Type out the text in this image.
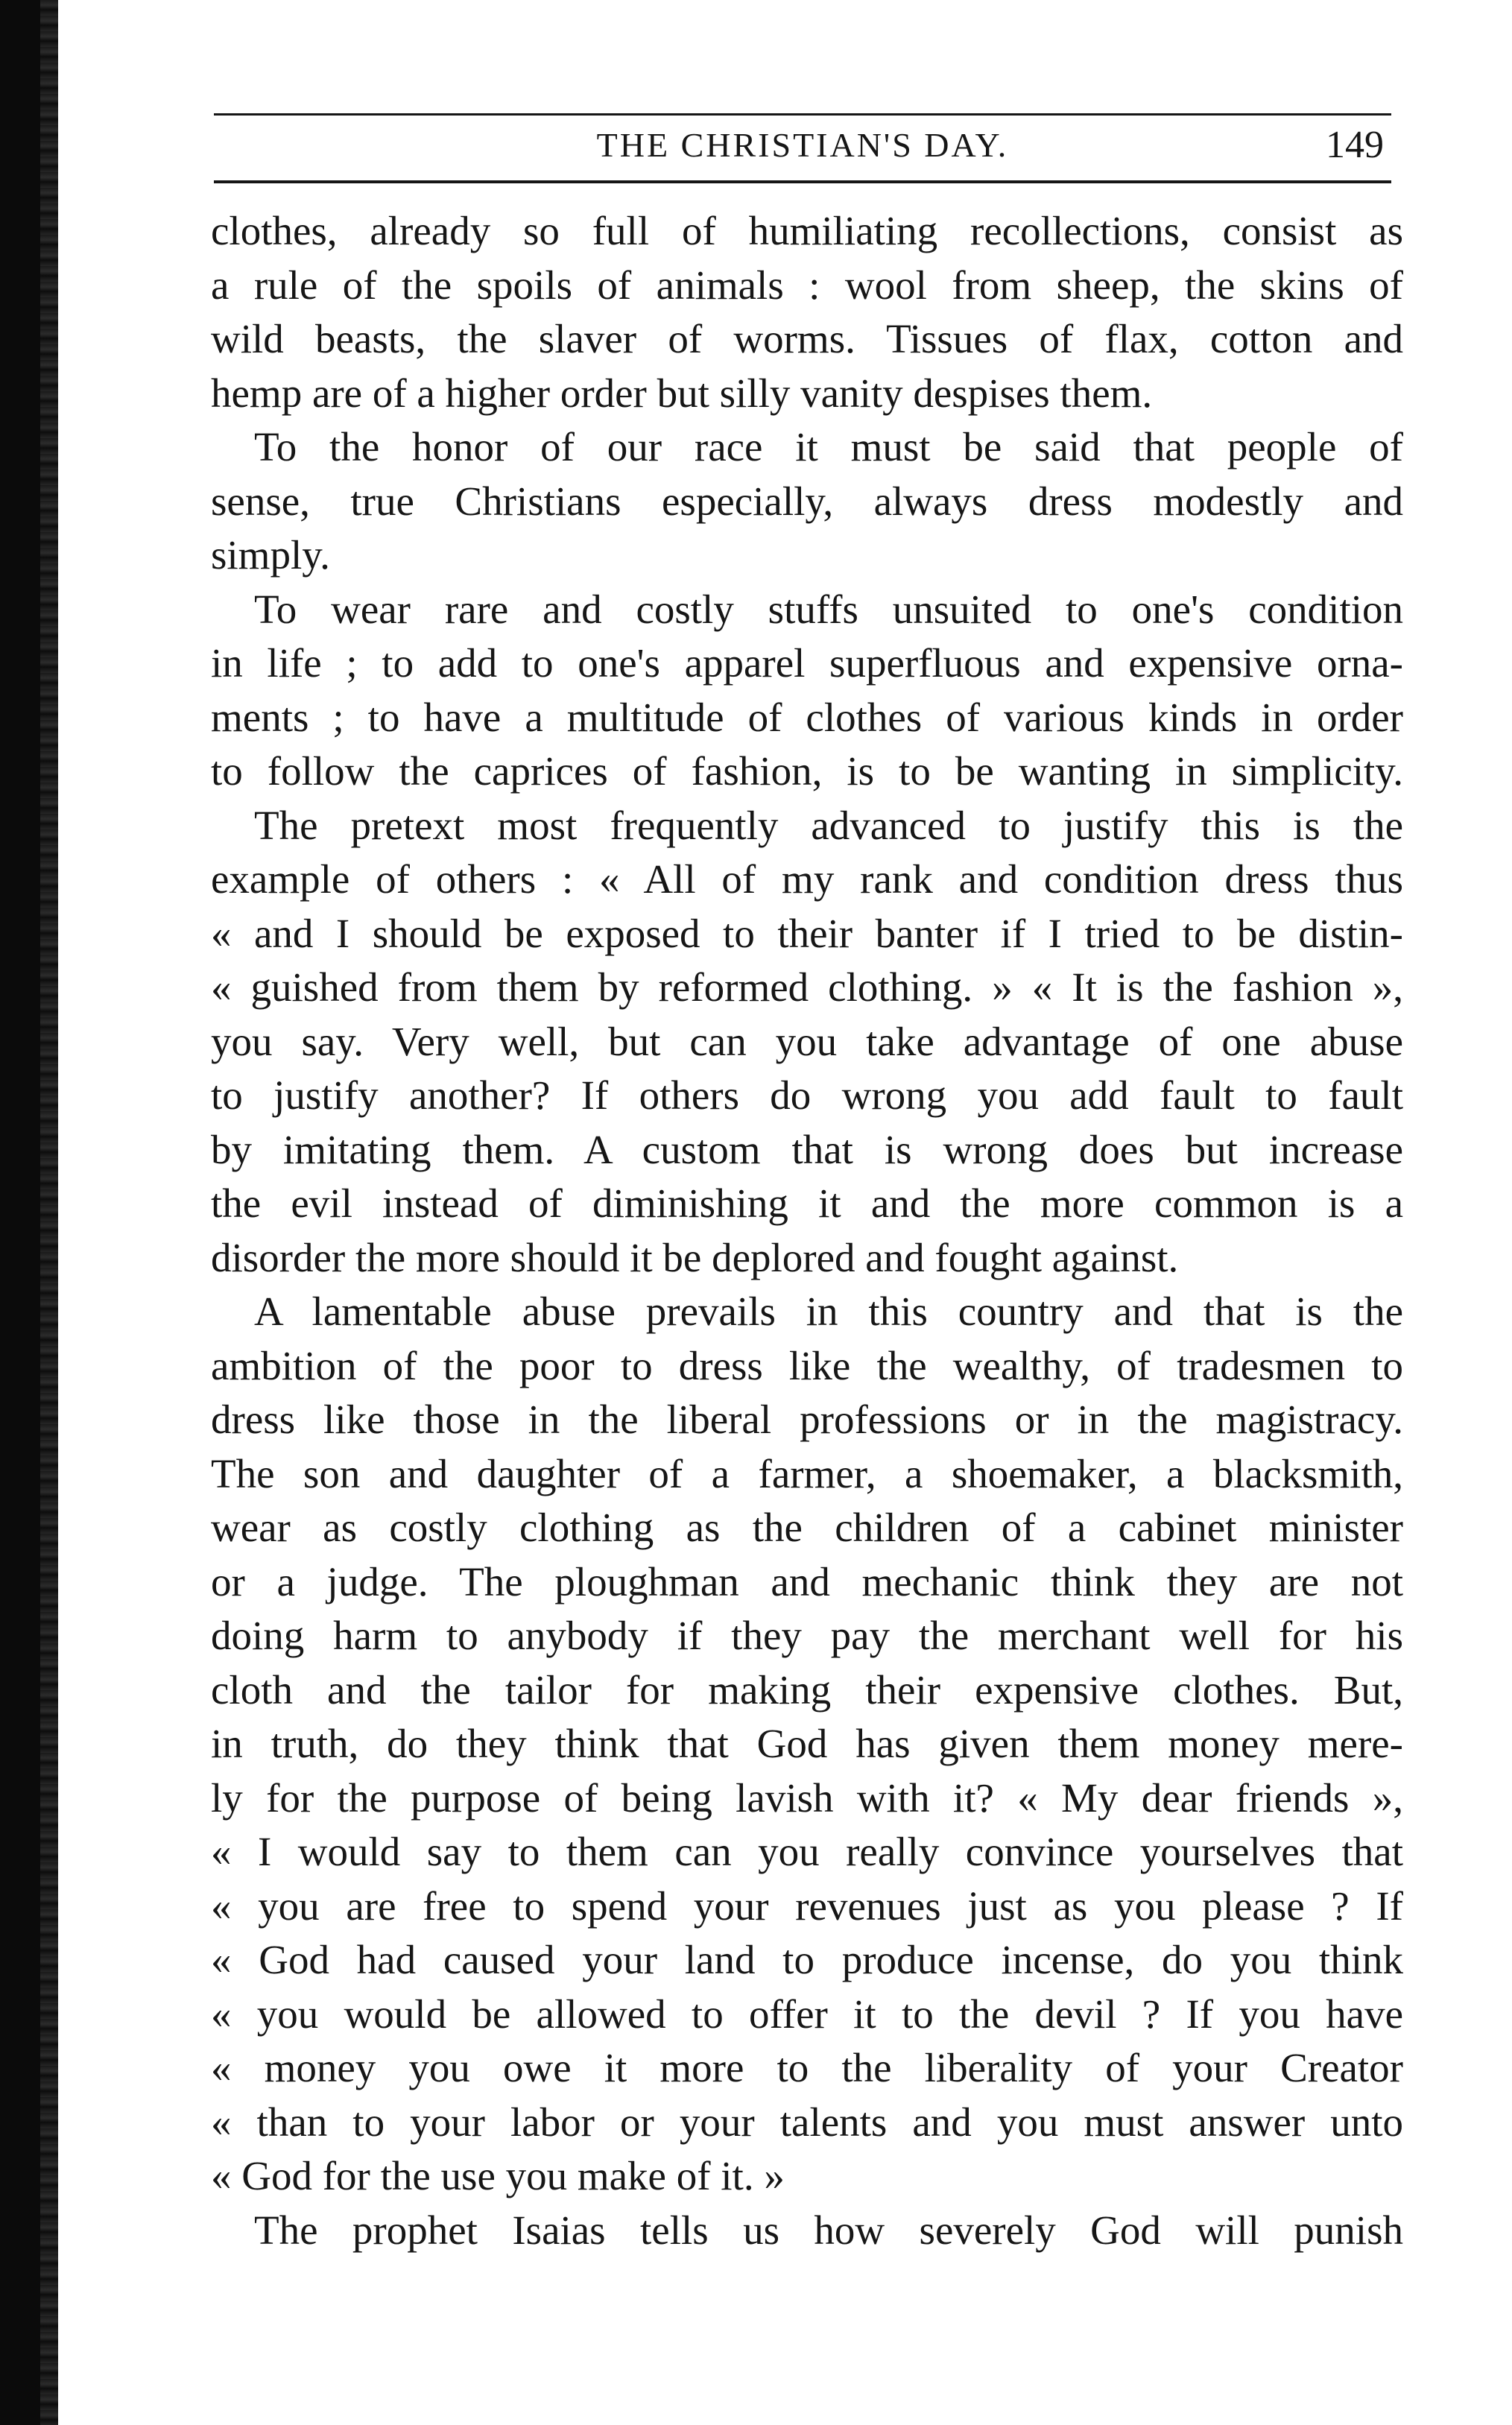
THE CHRISTIAN'S DAY.	149
clothes, already so full of humiliating recollections, consist as
a rule of the spoils of animals : wool from sheep, the skins of
wild beasts, the slaver of worms. Tissues of flax, cotton and
hemp are of a higher order but silly vanity despises them.
To the honor of our race it must be said that people of
sense, true Christians especially, always dress modestly and
simply.
To wear rare and costly stuffs unsuited to one's condition
in life ; to add to one's apparel superfluous and expensive orna-
ments ; to have a multitude of clothes of various kinds in order
to follow the caprices of fashion, is to be wanting in simplicity.
The pretext most frequently advanced to justify this is the
example of others : « All of my rank and condition dress thus
« and I should be exposed to their banter if I tried to be distin-
« guished from them by reformed clothing. » « It is the fashion »,
you say. Very well, but can you take advantage of one abuse
to justify another? If others do wrong you add fault to fault
by imitating them. A custom that is wrong does but increase
the evil instead of diminishing it and the more common is a
disorder the more should it be deplored and fought against.
A lamentable abuse prevails in this country and that is the
ambition of the poor to dress like the wealthy, of tradesmen to
dress like those in the liberal professions or in the magistracy.
The son and daughter of a farmer, a shoemaker, a blacksmith,
wear as costly clothing as the children of a cabinet minister
or a judge. The ploughman and mechanic think they are not
doing harm to anybody if they pay the merchant well for his
cloth and the tailor for making their expensive clothes. But,
in truth, do they think that God has given them money mere-
ly for the purpose of being lavish with it? « My dear friends »,
« I would say to them can you really convince yourselves that
« you are free to spend your revenues just as you please ? If
« God had caused your land to produce incense, do you think
« you would be allowed to offer it to the devil ? If you have
« money you owe it more to the liberality of your Creator
« than to your labor or your talents and you must answer unto
« God for the use you make of it. »
The prophet Isaias tells us how severely God will punish
